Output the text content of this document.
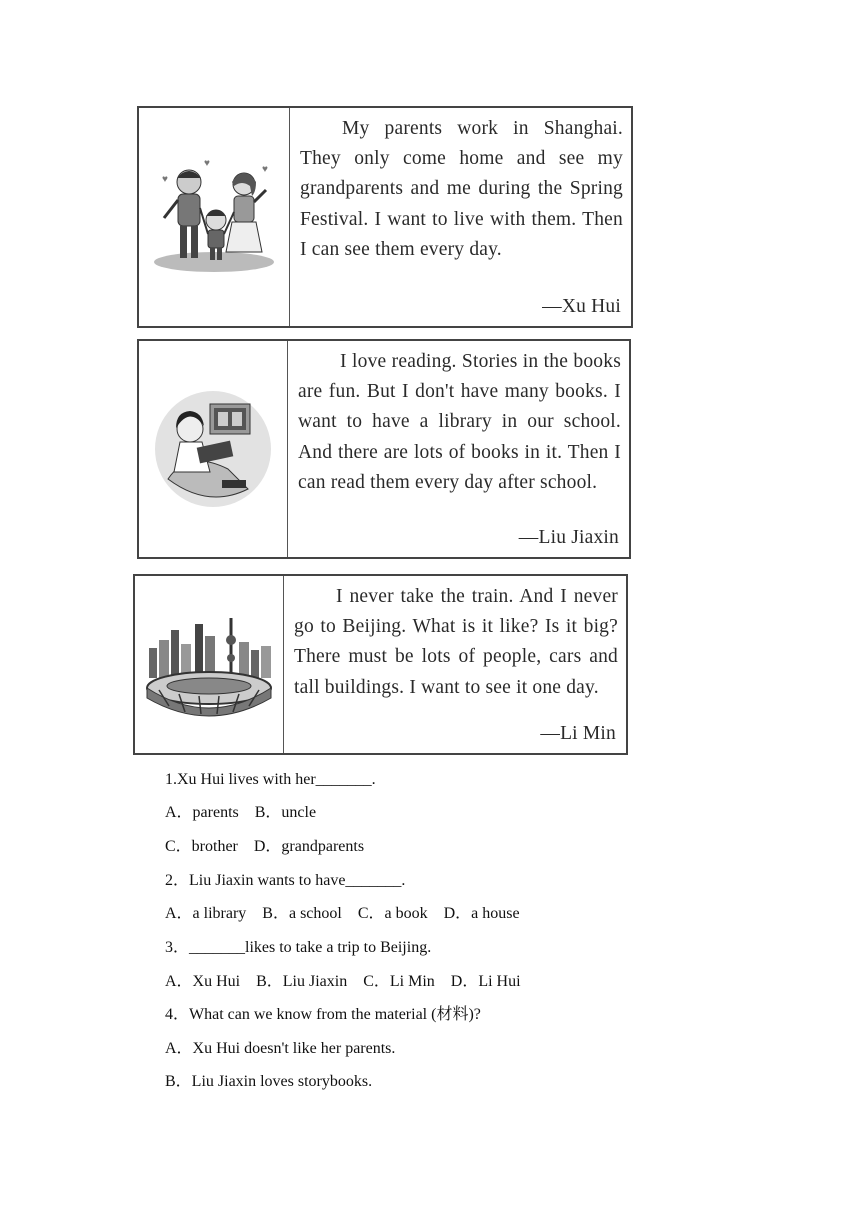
♥
♥
♥

My parents work in Shanghai. They only come home and see my grandparents and me during the Spring Festival. I want to live with them. Then I can see them every day.

—Xu Hui

I love reading. Stories in the books are fun. But I don't have many books. I want to have a library in our school. And there are lots of books in it. Then I can read them every day after school.

—Liu Jiaxin

I never take the train. And I never go to Beijing. What is it like? Is it big? There must be lots of people, cars and tall buildings. I want to see it one day.

—Li Min
1.Xu Hui lives with her_______.
A．parents    B．uncle
C．brother    D．grandparents
2．Liu Jiaxin wants to have_______.
A．a library    B．a school    C．a book    D．a house
3．_______likes to take a trip to Beijing.
A．Xu Hui    B．Liu Jiaxin    C．Li Min    D．Li Hui
4．What can we know from the material (材料)?
A．Xu Hui doesn't like her parents.
B．Liu Jiaxin loves storybooks.
